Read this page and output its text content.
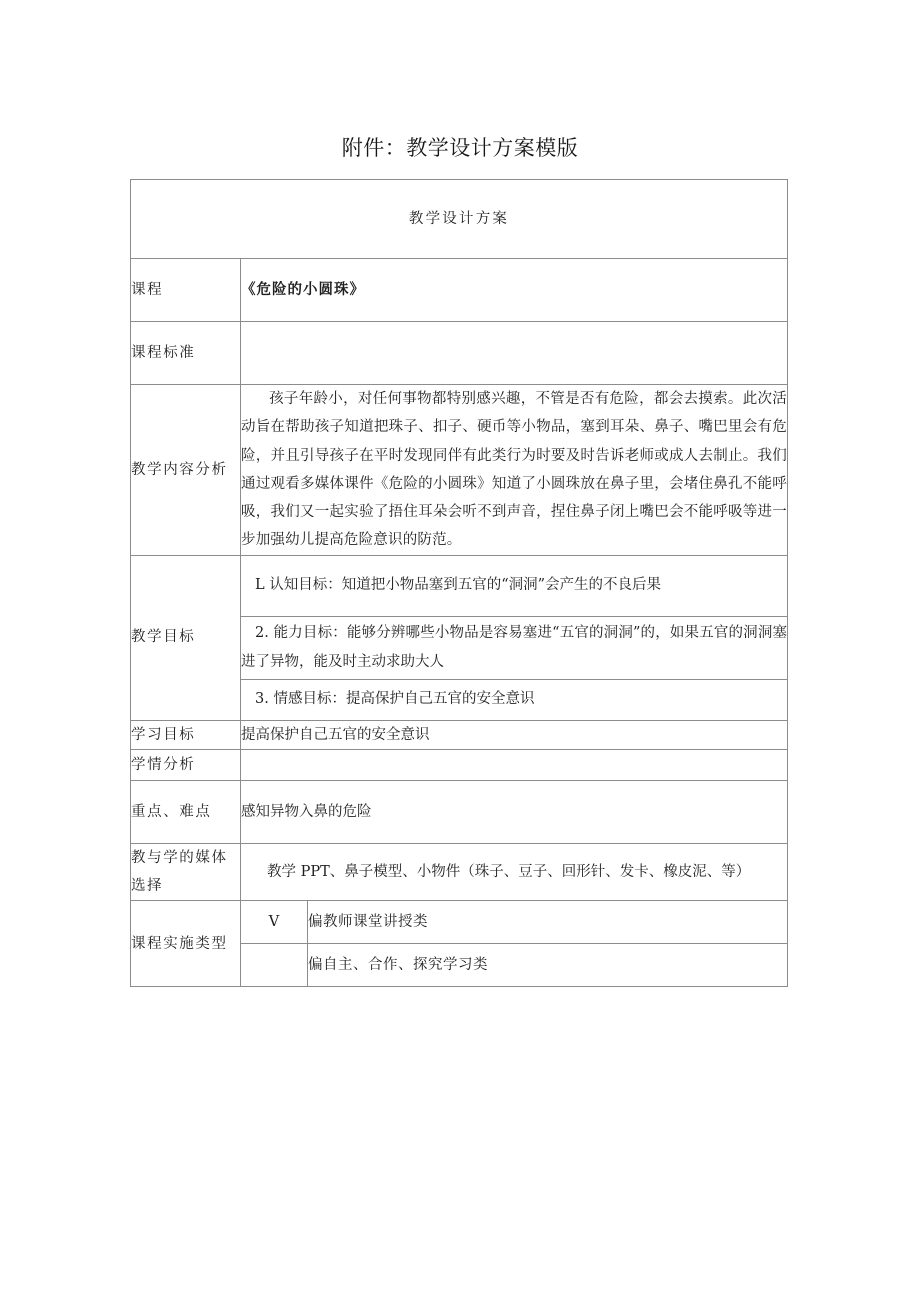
附件：教学设计方案模版
教学设计方案		
课程	《危险的小圆珠》	
课程标准		
教学内容分析	孩子年龄小，对任何事物都特别感兴趣，不管是否有危险，都会去摸索。此次活动旨在帮助孩子知道把珠子、扣子、硬币等小物品，塞到耳朵、鼻子、嘴巴里会有危险，并且引导孩子在平时发现同伴有此类行为时要及时告诉老师或成人去制止。我们通过观看多媒体课件《危险的小圆珠》知道了小圆珠放在鼻子里，会堵住鼻孔不能呼吸，我们又一起实验了捂住耳朵会听不到声音，捏住鼻子闭上嘴巴会不能呼吸等进一步加强幼儿提高危险意识的防范。	
教学目标	L 认知目标：知道把小物品塞到五官的“洞洞”会产生的不良后果	
	2. 能力目标：能够分辨哪些小物品是容易塞进“五官的洞洞”的，如果五官的洞洞塞进了异物，能及时主动求助大人	
	3. 情感目标：提高保护自己五官的安全意识	
学习目标	提高保护自己五官的安全意识	
学情分析		
重点、难点	感知异物入鼻的危险	
教与学的媒体选择	教学 PPT、鼻子模型、小物件（珠子、豆子、回形针、发卡、橡皮泥、等）	
课程实施类型	V	偏教师课堂讲授类
		偏自主、合作、探究学习类
